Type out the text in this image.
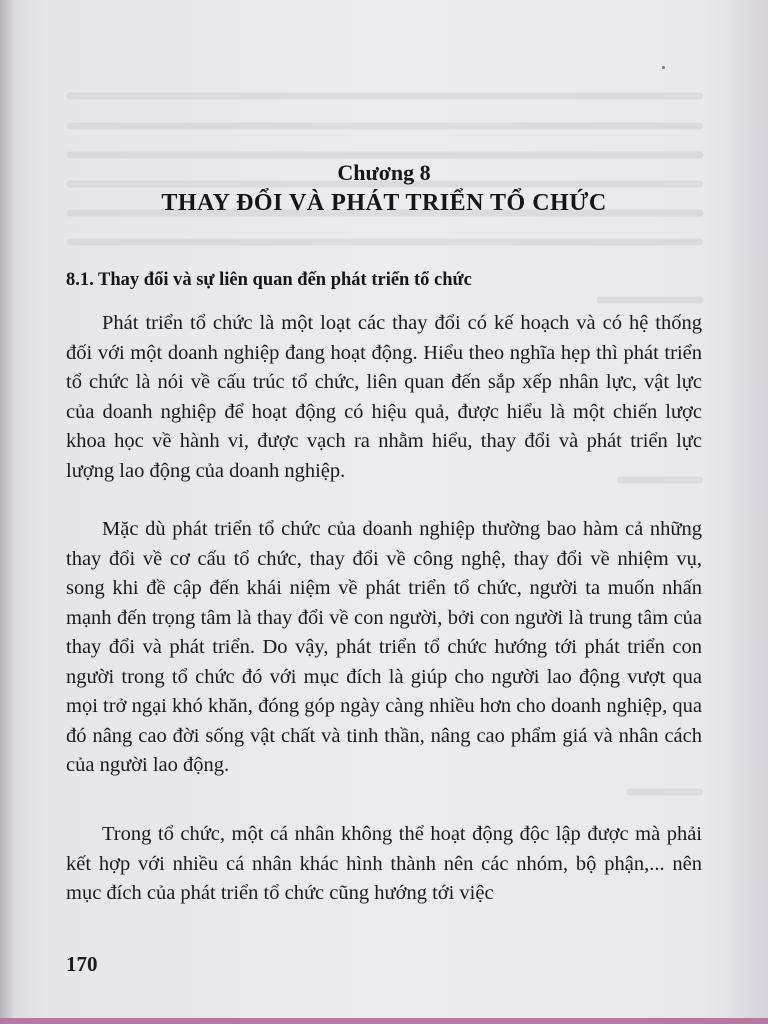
Chương 8
THAY ĐỔI VÀ PHÁT TRIỂN TỔ CHỨC
8.1. Thay đổi và sự liên quan đến phát triển tổ chức

Phát triển tổ chức là một loạt các thay đổi có kế hoạch và có hệ thống đối với một doanh nghiệp đang hoạt động. Hiểu theo nghĩa hẹp thì phát triển tổ chức là nói về cấu trúc tổ chức, liên quan đến sắp xếp nhân lực, vật lực của doanh nghiệp để hoạt động có hiệu quả, được hiểu là một chiến lược khoa học về hành vi, được vạch ra nhằm hiểu, thay đổi và phát triển lực lượng lao động của doanh nghiệp.

Mặc dù phát triển tổ chức của doanh nghiệp thường bao hàm cả những thay đổi về cơ cấu tổ chức, thay đổi về công nghệ, thay đổi về nhiệm vụ, song khi đề cập đến khái niệm về phát triển tổ chức, người ta muốn nhấn mạnh đến trọng tâm là thay đổi về con người, bởi con người là trung tâm của thay đổi và phát triển. Do vậy, phát triển tổ chức hướng tới phát triển con người trong tổ chức đó với mục đích là giúp cho người lao động vượt qua mọi trở ngại khó khăn, đóng góp ngày càng nhiều hơn cho doanh nghiệp, qua đó nâng cao đời sống vật chất và tinh thần, nâng cao phẩm giá và nhân cách của người lao động.

Trong tổ chức, một cá nhân không thể hoạt động độc lập được mà phải kết hợp với nhiều cá nhân khác hình thành nên các nhóm, bộ phận,... nên mục đích của phát triển tổ chức cũng hướng tới việc

170
